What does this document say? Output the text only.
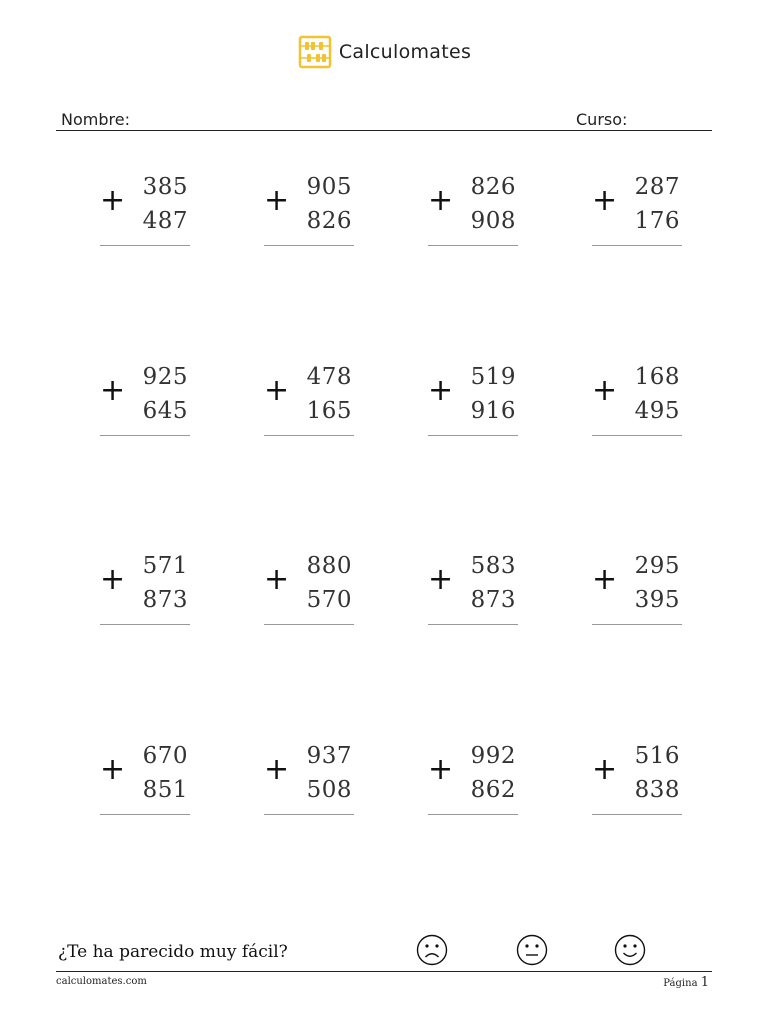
Calculomates
Nombre:	Curso:
+ 385
487
+ 905
826
+ 826
908
+ 287
176
+ 925
645
+ 478
165
+ 519
916
+ 168
495
+ 571
873
+ 880
570
+ 583
873
+ 295
395
+ 670
851
+ 937
508
+ 992
862
+ 516
838
¿Te ha parecido muy fácil?
calculomates.com	Página 1
